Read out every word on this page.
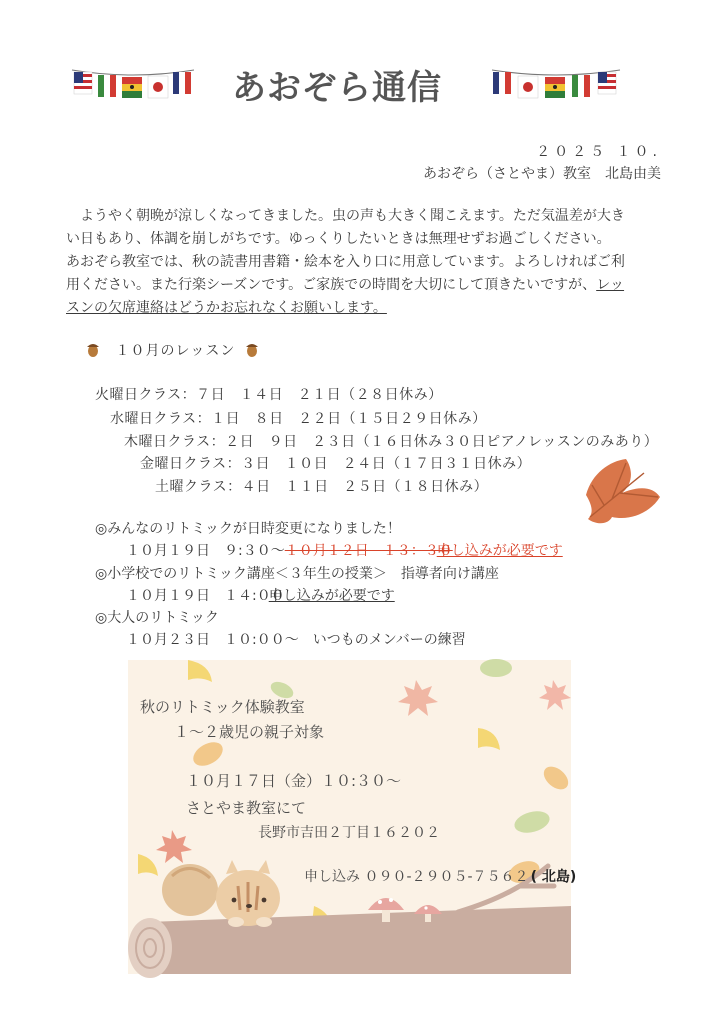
あおぞら通信
２０２５ １０.
あおぞら（さとやま）教室　北島由美
ようやく朝晩が涼しくなってきました。虫の声も大きく聞こえます。ただ気温差が大き
い日もあり、体調を崩しがちです。ゆっくりしたいときは無理せずお過ごしください。
あおぞら教室では、秋の読書用書籍・絵本を入り口に用意しています。よろしければご利
用ください。また行楽シーズンです。ご家族での時間を大切にして頂きたいですが、レッ
スンの欠席連絡はどうかお忘れなくお願いします。
１０月のレッスン
火曜日クラス：７日　１４日　２１日（２８日休み）
水曜日クラス：１日　８日　２２日（１５日２９日休み）
木曜日クラス：２日　９日　２３日（１６日休み３０日ピアノレッスンのみあり）
金曜日クラス：３日　１０日　２４日（１７日３１日休み）
土曜クラス：４日　１１日　２５日（１８日休み）
◎みんなのリトミックが日時変更になりました！
１０月１９日　９:３０〜１０月１２日　１３：３０申し込みが必要です
◎小学校でのリトミック講座＜３年生の授業＞　指導者向け講座
１０月１９日　１４:００申し込みが必要です
◎大人のリトミック
１０月２３日　１０:００〜　いつものメンバーの練習
秋のリトミック体験教室
１〜２歳児の親子対象
１０月１７日（金）１０:３０〜
さとやま教室にて
長野市吉田２丁目１６２０２
申し込み ０９０-２９０５-７５６２ ( 北島)
